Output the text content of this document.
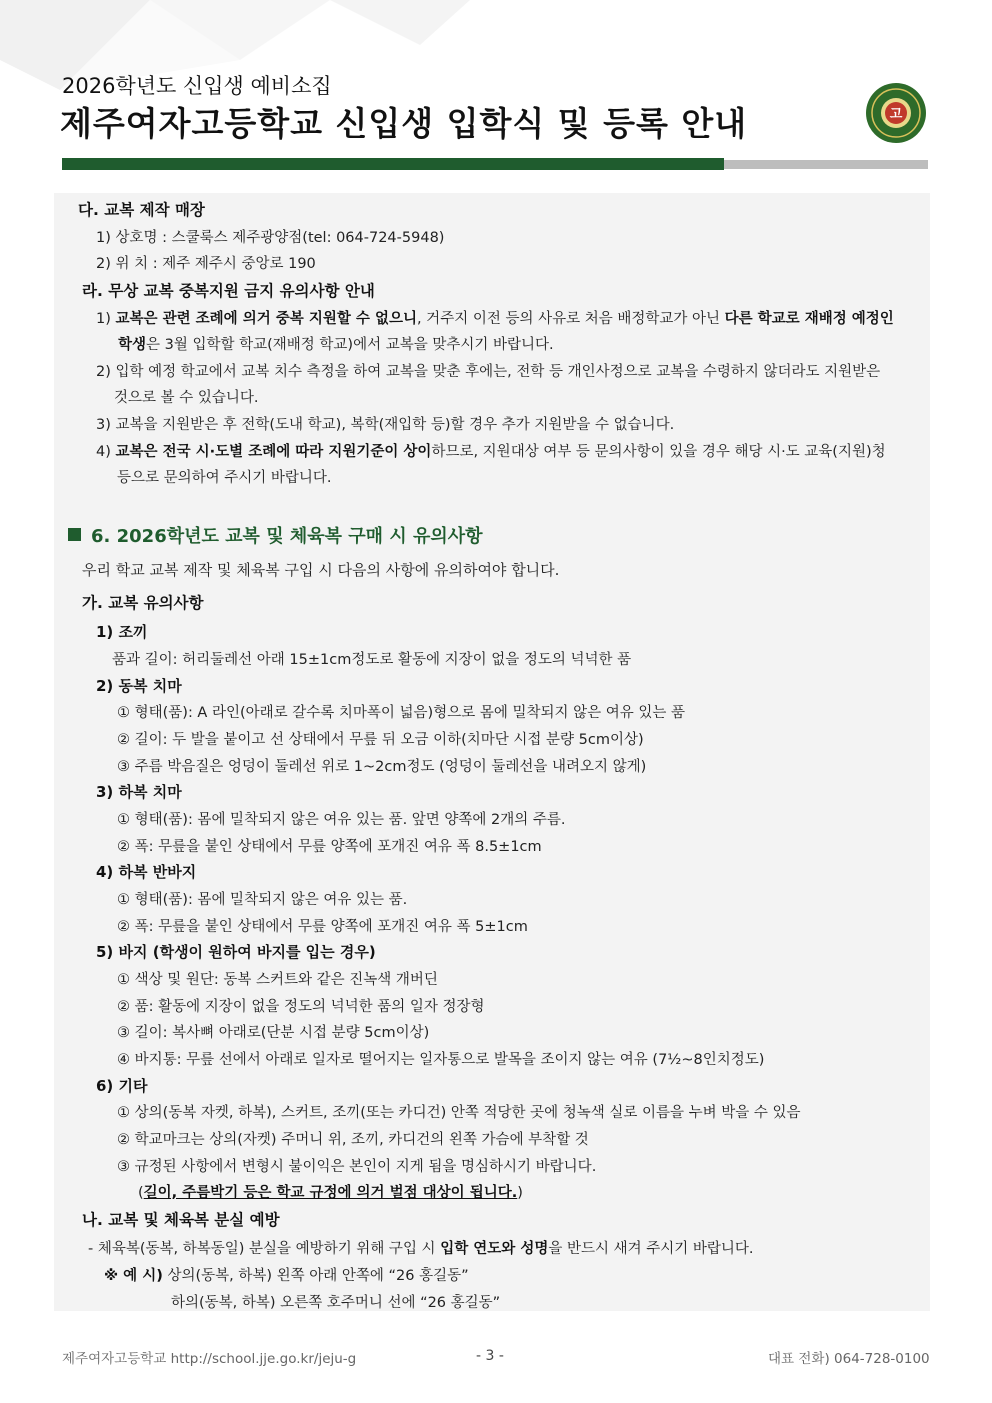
2026학년도 신입생 예비소집
제주여자고등학교 신입생 입학식 및 등록 안내	고
다. 교복 제작 매장
1) 상호명 : 스쿨룩스 제주광양점(tel: 064-724-5948)
2) 위 치 : 제주 제주시 중앙로 190
라. 무상 교복 중복지원 금지 유의사항 안내
1) 교복은 관련 조례에 의거 중복 지원할 수 없으니, 거주지 이전 등의 사유로 처음 배정학교가 아닌 다른 학교로 재배정 예정인
학생은 3월 입학할 학교(재배정 학교)에서 교복을 맞추시기 바랍니다.
2) 입학 예정 학교에서 교복 치수 측정을 하여 교복을 맞춘 후에는, 전학 등 개인사정으로 교복을 수령하지 않더라도 지원받은
것으로 볼 수 있습니다.
3) 교복을 지원받은 후 전학(도내 학교), 복학(재입학 등)할 경우 추가 지원받을 수 없습니다.
4) 교복은 전국 시·도별 조례에 따라 지원기준이 상이하므로, 지원대상 여부 등 문의사항이 있을 경우 해당 시·도 교육(지원)청
등으로 문의하여 주시기 바랍니다.
6. 2026학년도 교복 및 체육복 구매 시 유의사항
우리 학교 교복 제작 및 체육복 구입 시 다음의 사항에 유의하여야 합니다.
가. 교복 유의사항
1) 조끼
품과 길이: 허리둘레선 아래 15±1cm정도로 활동에 지장이 없을 정도의 넉넉한 품
2) 동복 치마
① 형태(품): A 라인(아래로 갈수록 치마폭이 넓음)형으로 몸에 밀착되지 않은 여유 있는 품
② 길이: 두 발을 붙이고 선 상태에서 무릎 뒤 오금 이하(치마단 시접 분량 5cm이상)
③ 주름 박음질은 엉덩이 둘레선 위로 1~2cm정도 (엉덩이 둘레선을 내려오지 않게)
3) 하복 치마
① 형태(품): 몸에 밀착되지 않은 여유 있는 품. 앞면 양쪽에 2개의 주름.
② 폭: 무릎을 붙인 상태에서 무릎 양쪽에 포개진 여유 폭 8.5±1cm
4) 하복 반바지
① 형태(품): 몸에 밀착되지 않은 여유 있는 품.
② 폭: 무릎을 붙인 상태에서 무릎 양쪽에 포개진 여유 폭 5±1cm
5) 바지 (학생이 원하여 바지를 입는 경우)
① 색상 및 원단: 동복 스커트와 같은 진녹색 개버딘
② 품: 활동에 지장이 없을 정도의 넉넉한 품의 일자 정장형
③ 길이: 복사뼈 아래로(단분 시접 분량 5cm이상)
④ 바지통: 무릎 선에서 아래로 일자로 떨어지는 일자통으로 발목을 조이지 않는 여유 (7½~8인치정도)
6) 기타
① 상의(동복 자켓, 하복), 스커트, 조끼(또는 카디건) 안쪽 적당한 곳에 청녹색 실로 이름을 누벼 박을 수 있음
② 학교마크는 상의(자켓) 주머니 위, 조끼, 카디건의 왼쪽 가슴에 부착할 것
③ 규정된 사항에서 변형시 불이익은 본인이 지게 됨을 명심하시기 바랍니다.
(길이, 주름박기 등은 학교 규정에 의거 벌점 대상이 됩니다.)
나. 교복 및 체육복 분실 예방
- 체육복(동복, 하복동일) 분실을 예방하기 위해 구입 시 입학 연도와 성명을 반드시 새겨 주시기 바랍니다.
※ 예 시) 상의(동복, 하복) 왼쪽 아래 안쪽에 “26 홍길동”
하의(동복, 하복) 오른쪽 호주머니 선에 “26 홍길동”
제주여자고등학교 http://school.jje.go.kr/jeju-g	- 3 -	대표 전화) 064-728-0100
